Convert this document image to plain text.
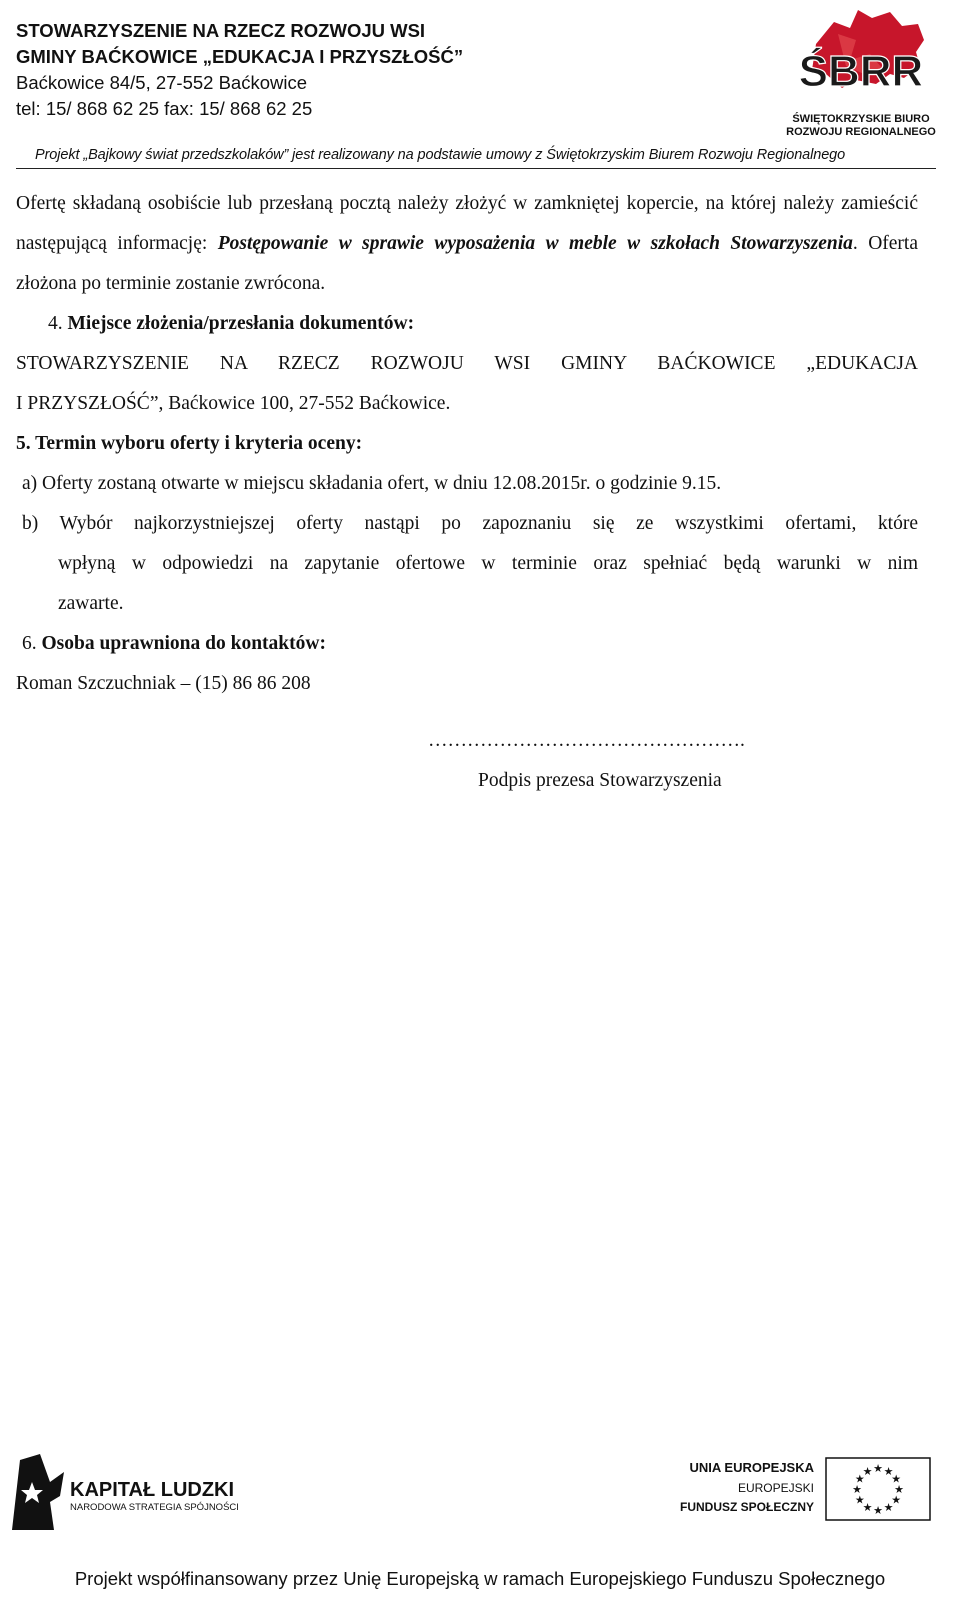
STOWARZYSZENIE NA RZECZ ROZWOJU WSI
GMINY BAĆKOWICE „EDUKACJA I PRZYSZŁOŚĆ”
Baćkowice 84/5, 27-552 Baćkowice
tel: 15/ 868 62 25 fax: 15/ 868 62 25
ŚBRR
ŚWIĘTOKRZYSKIE BIURO
ROZWOJU REGIONALNEGO
Projekt „Bajkowy świat przedszkolaków” jest realizowany na podstawie umowy z Świętokrzyskim Biurem Rozwoju Regionalnego

Ofertę składaną osobiście lub przesłaną pocztą należy złożyć w zamkniętej kopercie, na której należy zamieścić następującą informację: Postępowanie w sprawie wyposażenia w meble w szkołach Stowarzyszenia. Oferta złożona po terminie zostanie zwrócona.

4. Miejsce złożenia/przesłania dokumentów:

STOWARZYSZENIE NA RZECZ ROZWOJU WSI GMINY BAĆKOWICE „EDUKACJA

I PRZYSZŁOŚĆ”, Baćkowice 100, 27-552 Baćkowice.

5. Termin wyboru oferty i kryteria oceny:

a) Oferty zostaną otwarte w miejscu składania ofert, w dniu 12.08.2015r. o godzinie 9.15.

b) Wybór najkorzystniejszej oferty nastąpi po zapoznaniu się ze wszystkimi ofertami, które

wpłyną w odpowiedzi na zapytanie ofertowe w terminie oraz spełniać będą warunki w nim

zawarte.

6. Osoba uprawniona do kontaktów:

Roman Szczuchniak – (15) 86 86 208

………………………………………….
Podpis prezesa Stowarzyszenia
KAPITAŁ LUDZKI
NARODOWA STRATEGIA SPÓJNOŚCI
UNIA EUROPEJSKA
EUROPEJSKI
FUNDUSZ SPOŁECZNY
★ ★
★
★
★
★
★
★
★
★
★
★
Projekt współfinansowany przez Unię Europejską w ramach Europejskiego Funduszu Społecznego
